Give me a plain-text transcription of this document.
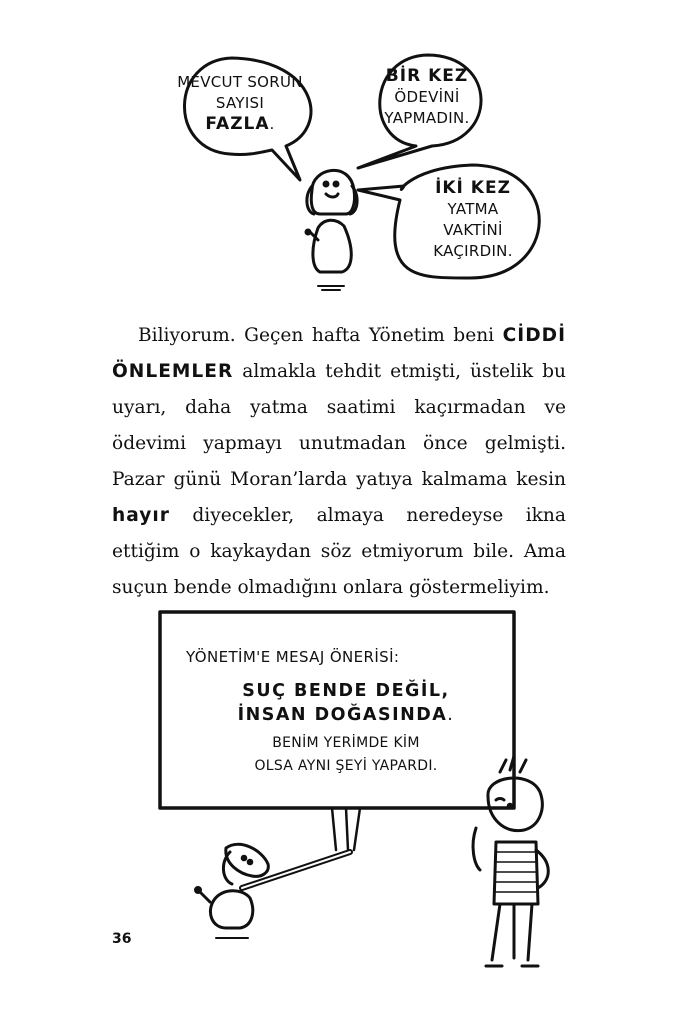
MEVCUT SORUN
SAYISI
FAZLA.
BİR KEZ
ÖDEVİNİ
YAPMADIN.
İKİ KEZ
YATMA
VAKTİNİ
KAÇIRDIN.

Biliyorum. Geçen hafta Yönetim beni CİDDİ ÖNLEMLER almakla tehdit etmişti, üstelik bu uyarı, daha yatma saatimi kaçırmadan ve ödevimi yapmayı unutmadan önce gelmişti. Pazar günü Moran’larda yatıya kalmama kesin hayır diyecekler, almaya neredeyse ikna ettiğim o kaykaydan söz etmiyorum bile. Ama suçun bende olmadığını onlara göstermeliyim.

YÖNETİM'E MESAJ ÖNERİSİ:
SUÇ BENDE DEĞİL,
İNSAN DOĞASINDA.
BENİM YERİMDE KİM
OLSA AYNI ŞEYİ YAPARDI.
36
